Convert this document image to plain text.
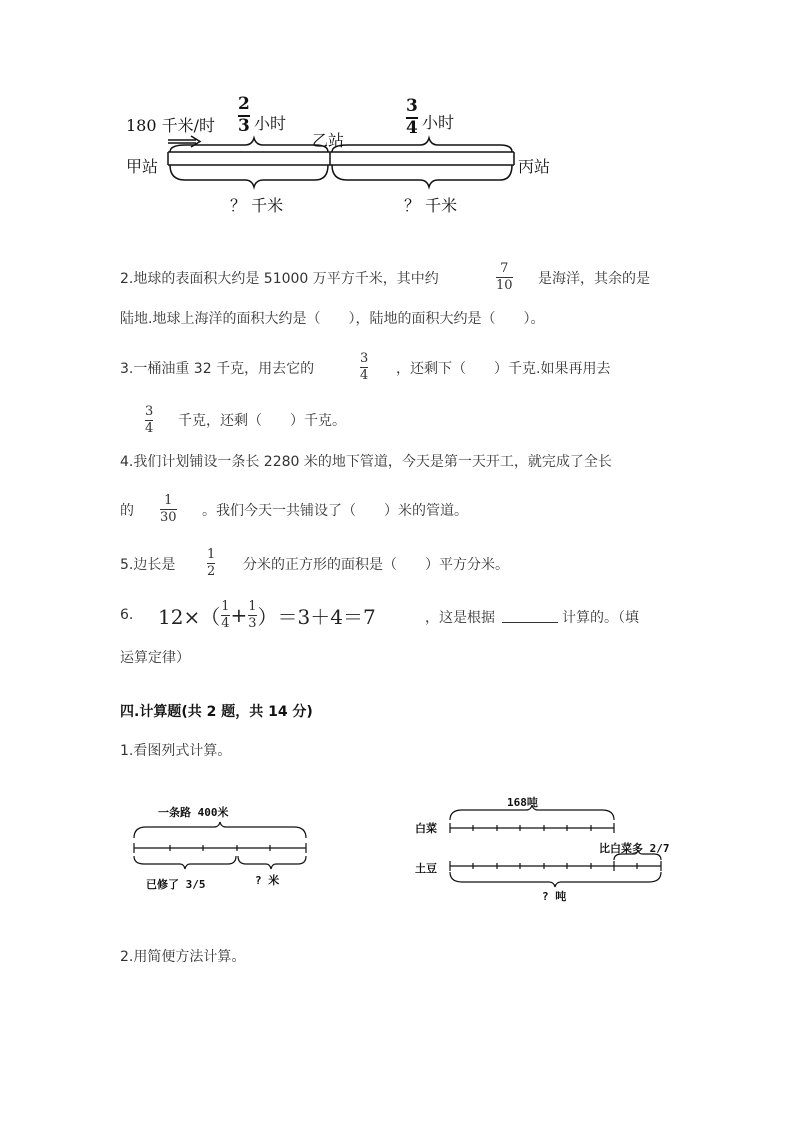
180 千米/时
2
3 小时
3
4 小时
乙站
甲站	丙站
？ 千米	？ 千米
2.地球的表面积大约是 51000 万平方千米，其中约
7
10 是海洋，其余的是
陆地.地球上海洋的面积大约是（　　），陆地的面积大约是（　　）。
3.一桶油重 32 千克，用去它的
3
4 ，还剩下（　　）千克.如果再用去
3
4 千克，还剩（　　）千克。
4.我们计划铺设一条长 2280 米的地下管道，今天是第一天开工，就完成了全长
的
1
30 。我们今天一共铺设了（　　）米的管道。
5.边长是
1
2 分米的正方形的面积是（　　）平方分米。
6. $12\times( \frac{1}{4} + \frac{1}{3} )=3+4=7$	，这是根据	计算的。（填
运算定律）
四.计算题(共 2 题，共 14 分)
1.看图列式计算。
一条路 400米
已修了 3/5	? 米
168吨
白菜
比白菜多 2/7
土豆
? 吨
2.用简便方法计算。
